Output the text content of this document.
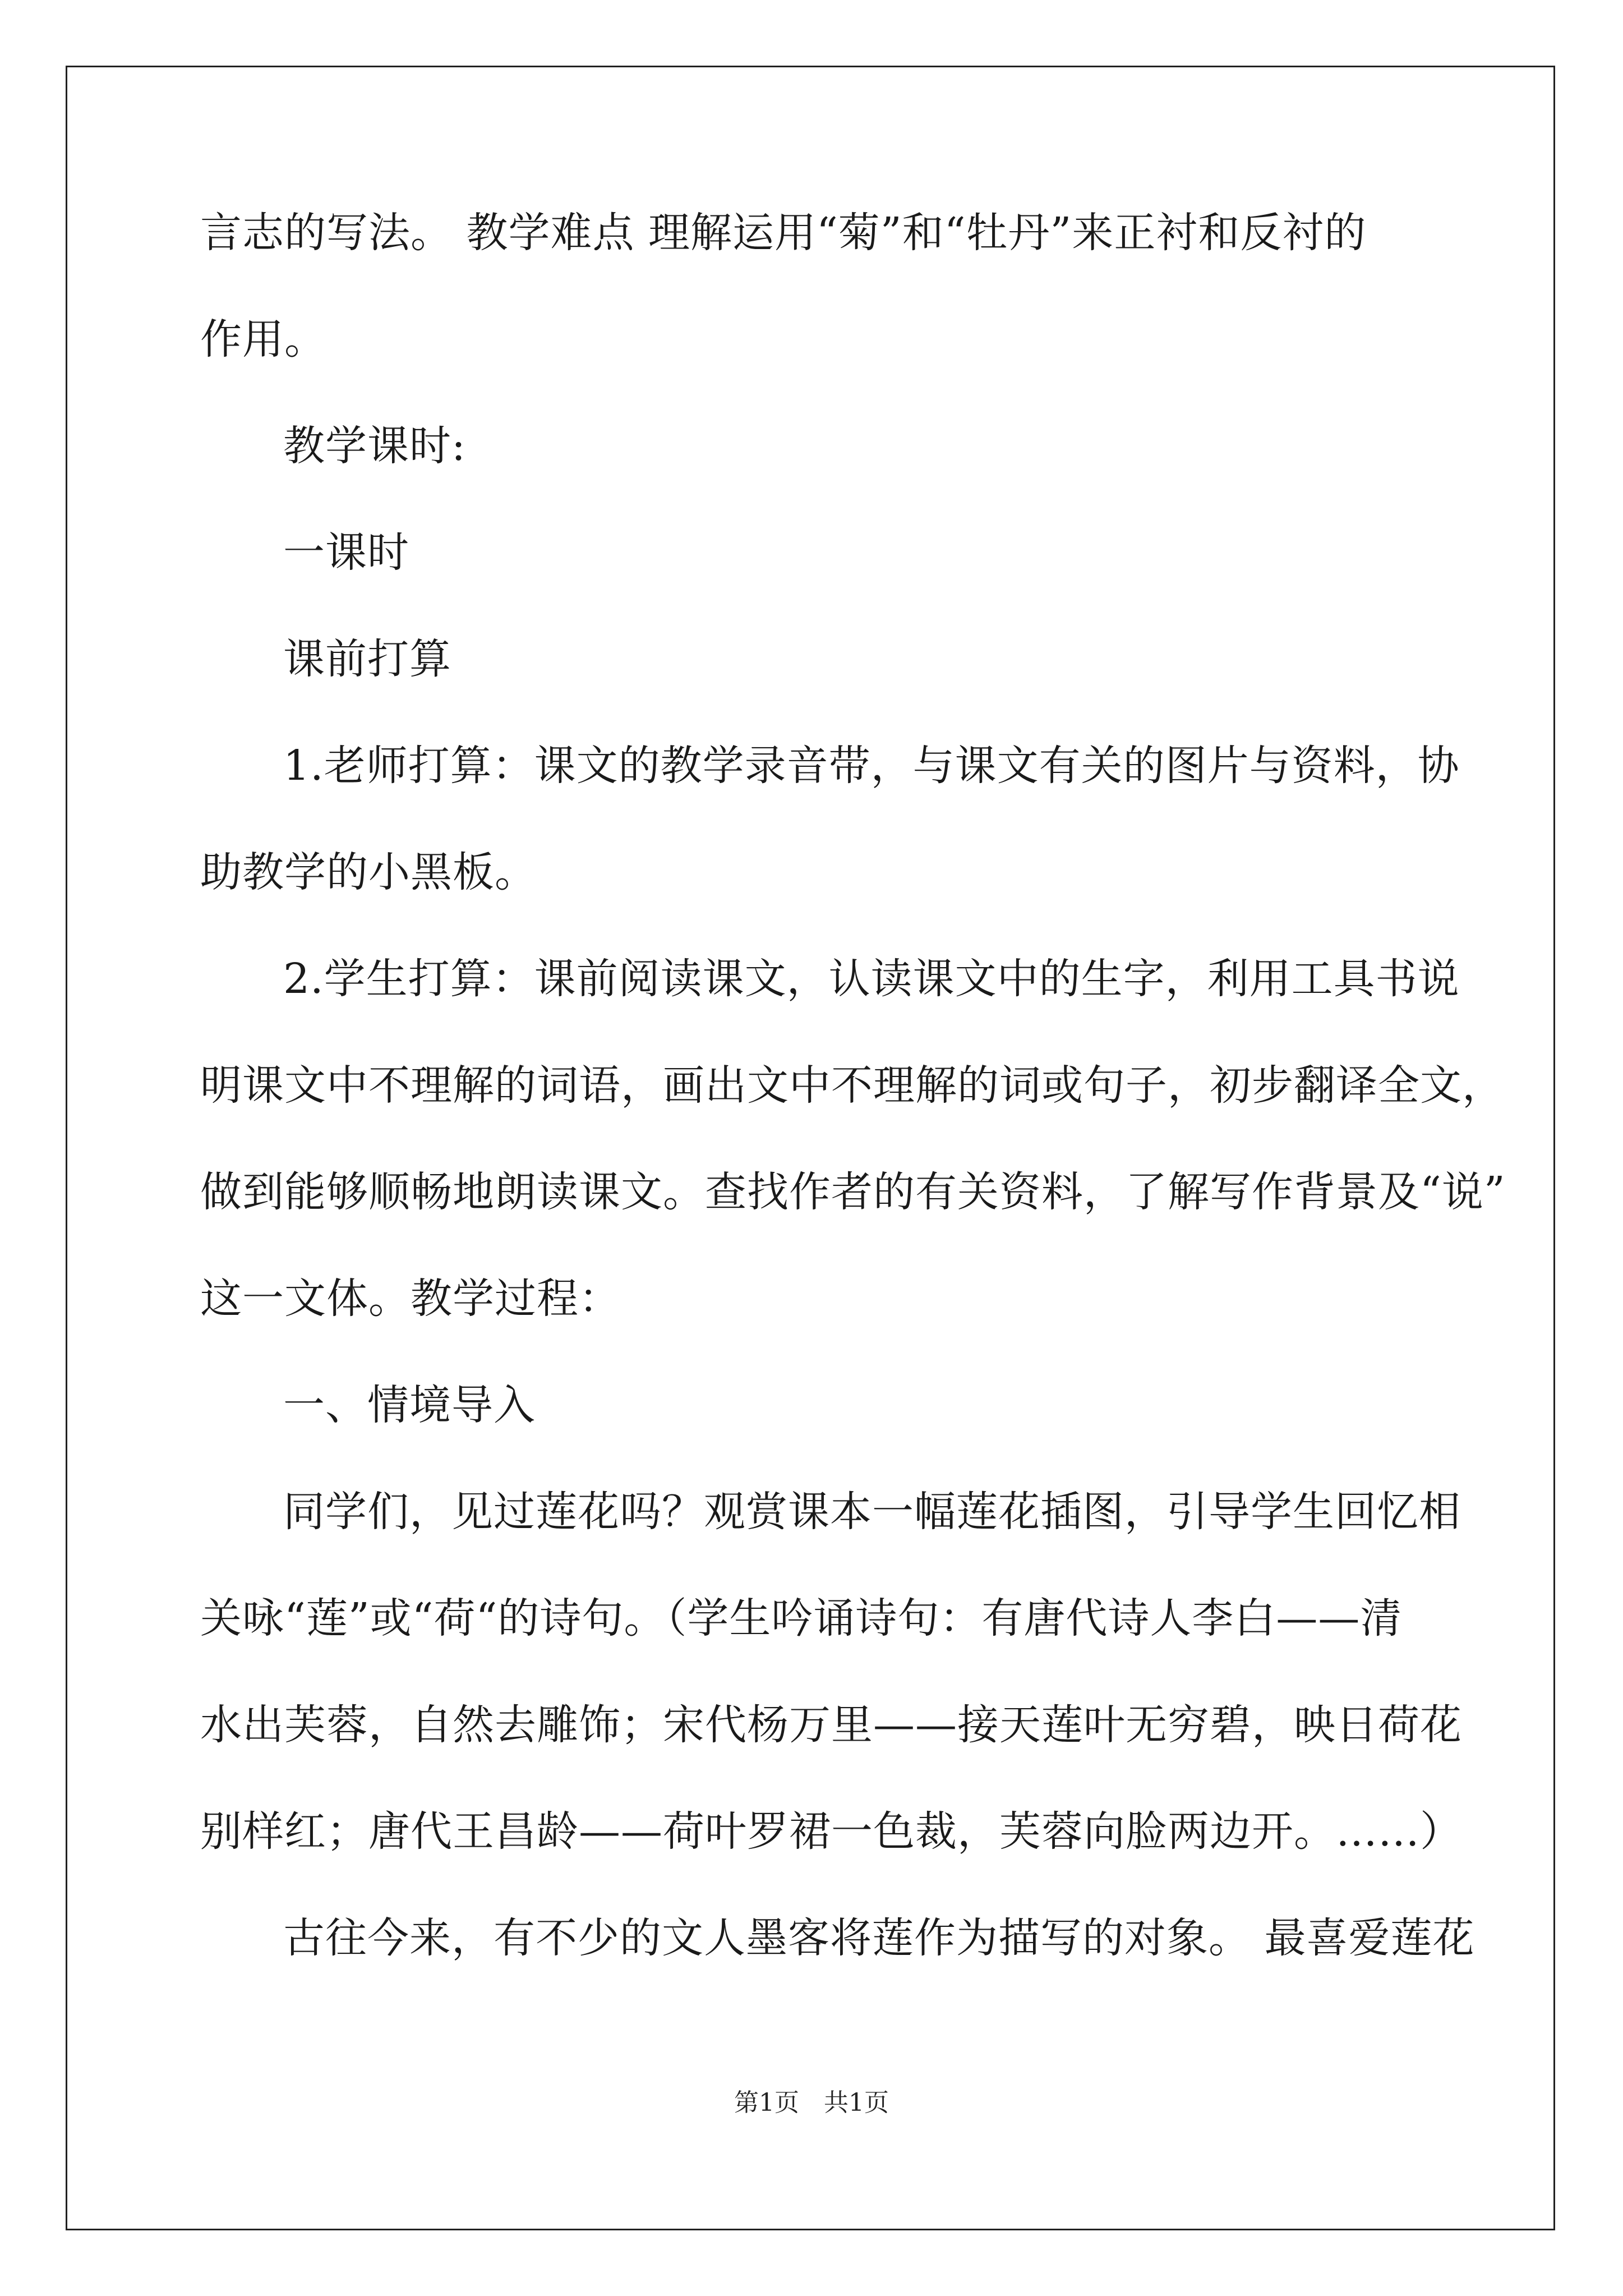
言志的写法。 教学难点 理解运用“菊”和“牡丹”来正衬和反衬的
作用。
教学课时:
一课时
课前打算
1.老师打算：课文的教学录音带，与课文有关的图片与资料，协
助教学的小黑板。
2.学生打算：课前阅读课文，认读课文中的生字，利用工具书说
明课文中不理解的词语，画出文中不理解的词或句子，初步翻译全文，
做到能够顺畅地朗读课文。查找作者的有关资料，了解写作背景及“说”
这一文体。教学过程：
一、情境导入
同学们，见过莲花吗？观赏课本一幅莲花插图，引导学生回忆相
关咏“莲”或“荷“的诗句。（学生吟诵诗句：有唐代诗人李白——清
水出芙蓉，自然去雕饰；宋代杨万里——接天莲叶无穷碧，映日荷花
别样红；唐代王昌龄——荷叶罗裙一色裁，芙蓉向脸两边开。……）
古往今来，有不少的文人墨客将莲作为描写的对象。 最喜爱莲花
第1页　共1页
